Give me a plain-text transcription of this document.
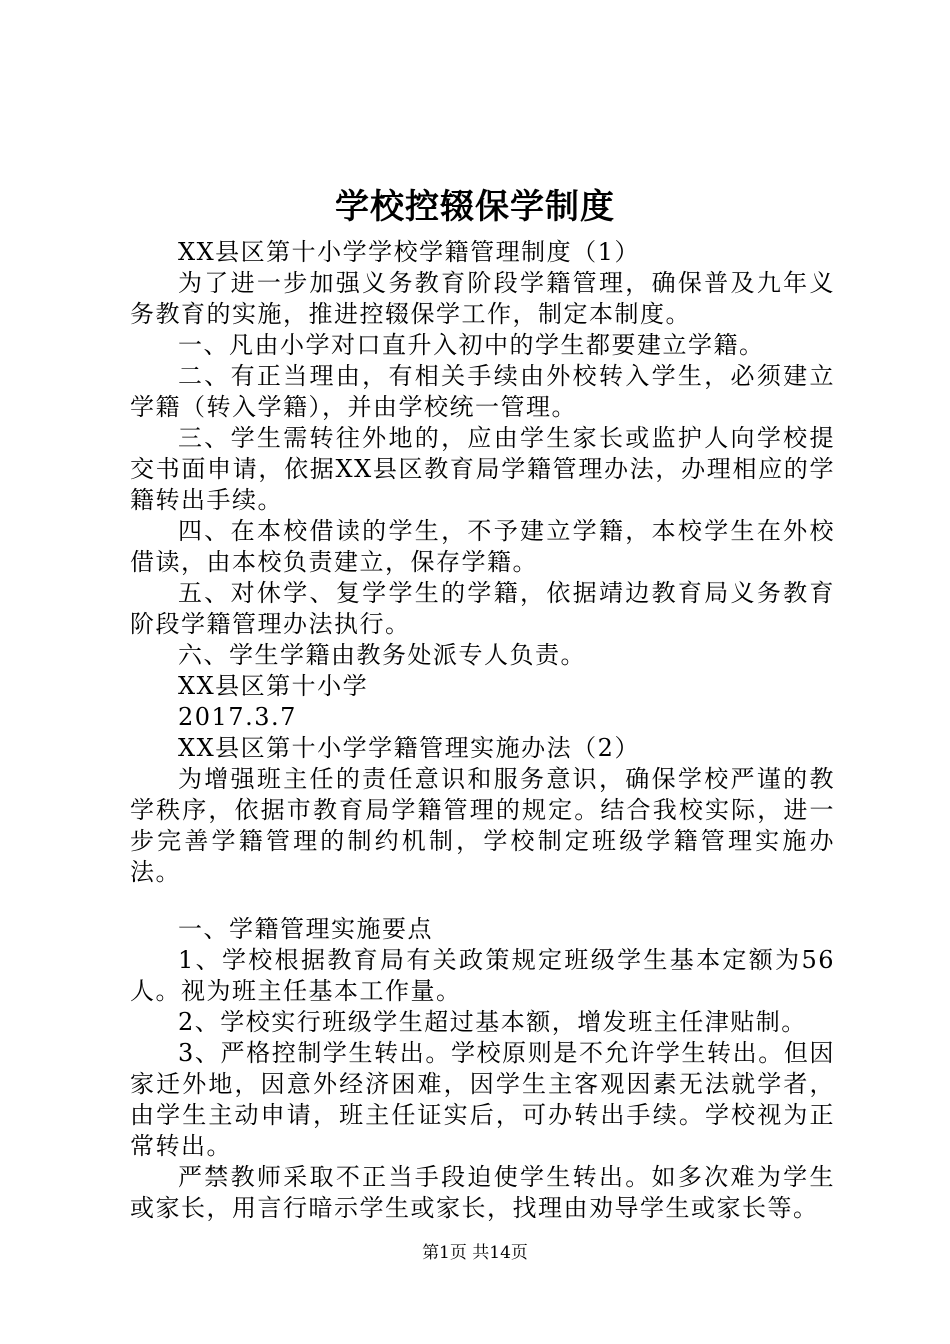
学校控辍保学制度

XX县区第十小学学校学籍管理制度（1）

为了进一步加强义务教育阶段学籍管理，确保普及九年义务教育的实施，推进控辍保学工作，制定本制度。

一、凡由小学对口直升入初中的学生都要建立学籍。

二、有正当理由，有相关手续由外校转入学生，必须建立学籍（转入学籍），并由学校统一管理。

三、学生需转往外地的，应由学生家长或监护人向学校提交书面申请，依据XX县区教育局学籍管理办法，办理相应的学籍转出手续。

四、在本校借读的学生，不予建立学籍，本校学生在外校借读，由本校负责建立，保存学籍。

五、对休学、复学学生的学籍，依据靖边教育局义务教育阶段学籍管理办法执行。

六、学生学籍由教务处派专人负责。

XX县区第十小学

2017.3.7

XX县区第十小学学籍管理实施办法（2）

为增强班主任的责任意识和服务意识，确保学校严谨的教学秩序，依据市教育局学籍管理的规定。结合我校实际，进一步完善学籍管理的制约机制，学校制定班级学籍管理实施办法。

一、学籍管理实施要点

1、学校根据教育局有关政策规定班级学生基本定额为56人。视为班主任基本工作量。

2、学校实行班级学生超过基本额，增发班主任津贴制。

3、严格控制学生转出。学校原则是不允许学生转出。但因家迁外地，因意外经济困难，因学生主客观因素无法就学者，由学生主动申请，班主任证实后，可办转出手续。学校视为正常转出。

严禁教师采取不正当手段迫使学生转出。如多次难为学生或家长，用言行暗示学生或家长，找理由劝导学生或家长等。

第1页 共14页
